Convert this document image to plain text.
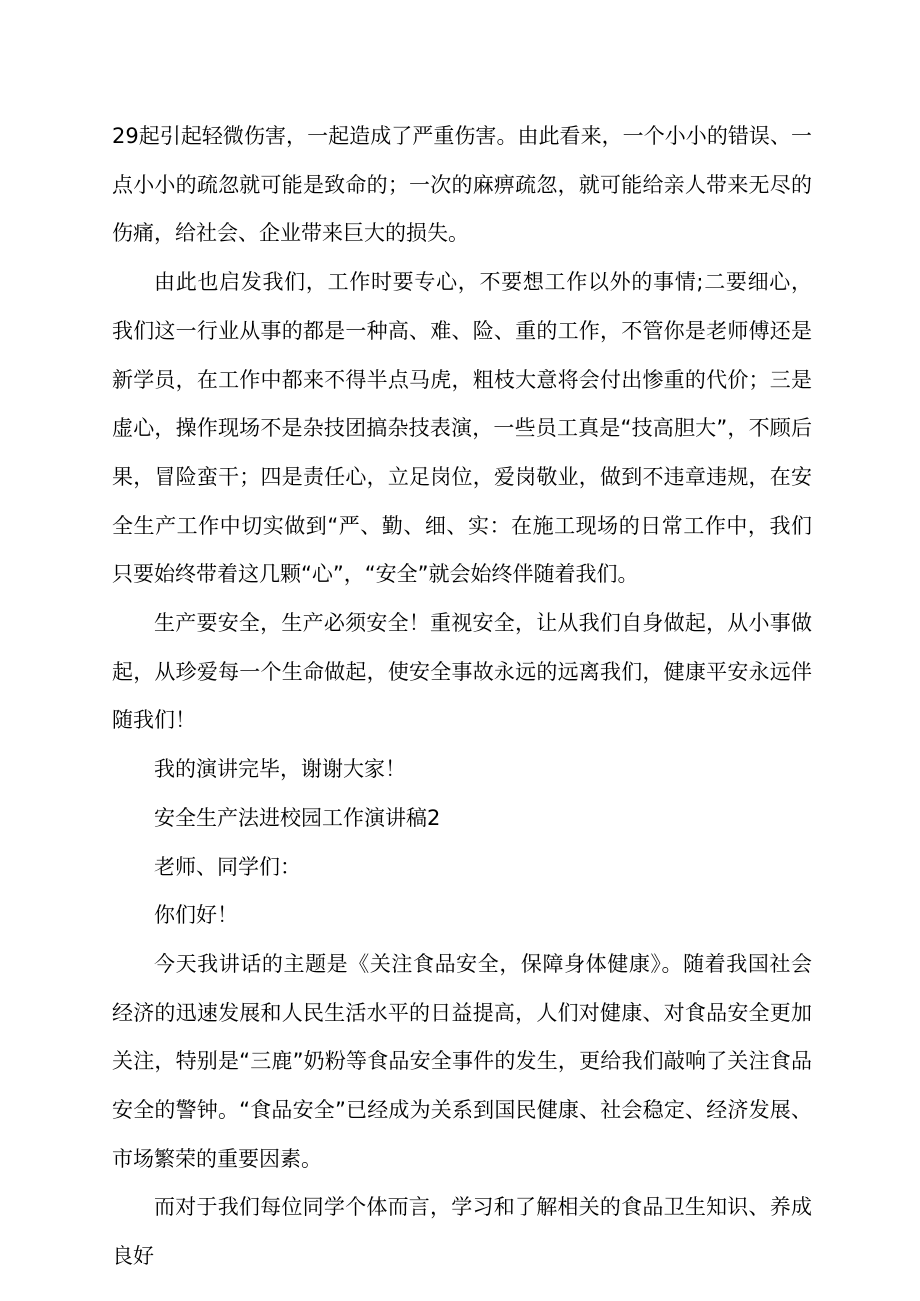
29起引起轻微伤害，一起造成了严重伤害。由此看来，一个小小的错误、一点小小的疏忽就可能是致命的；一次的麻痹疏忽，就可能给亲人带来无尽的伤痛，给社会、企业带来巨大的损失。

由此也启发我们，工作时要专心，不要想工作以外的事情;二要细心，我们这一行业从事的都是一种高、难、险、重的工作，不管你是老师傅还是新学员，在工作中都来不得半点马虎，粗枝大意将会付出惨重的代价；三是虚心，操作现场不是杂技团搞杂技表演，一些员工真是“技高胆大”，不顾后果，冒险蛮干；四是责任心，立足岗位，爱岗敬业，做到不违章违规，在安全生产工作中切实做到“严、勤、细、实：在施工现场的日常工作中，我们只要始终带着这几颗“心”，“安全”就会始终伴随着我们。

生产要安全，生产必须安全！重视安全，让从我们自身做起，从小事做起，从珍爱每一个生命做起，使安全事故永远的远离我们，健康平安永远伴随我们！

我的演讲完毕，谢谢大家！

安全生产法进校园工作演讲稿2

老师、同学们：

你们好！

今天我讲话的主题是《关注食品安全，保障身体健康》。随着我国社会经济的迅速发展和人民生活水平的日益提高，人们对健康、对食品安全更加关注，特别是“三鹿”奶粉等食品安全事件的发生，更给我们敲响了关注食品安全的警钟。“食品安全”已经成为关系到国民健康、社会稳定、经济发展、市场繁荣的重要因素。

而对于我们每位同学个体而言，学习和了解相关的食品卫生知识、养成良好
